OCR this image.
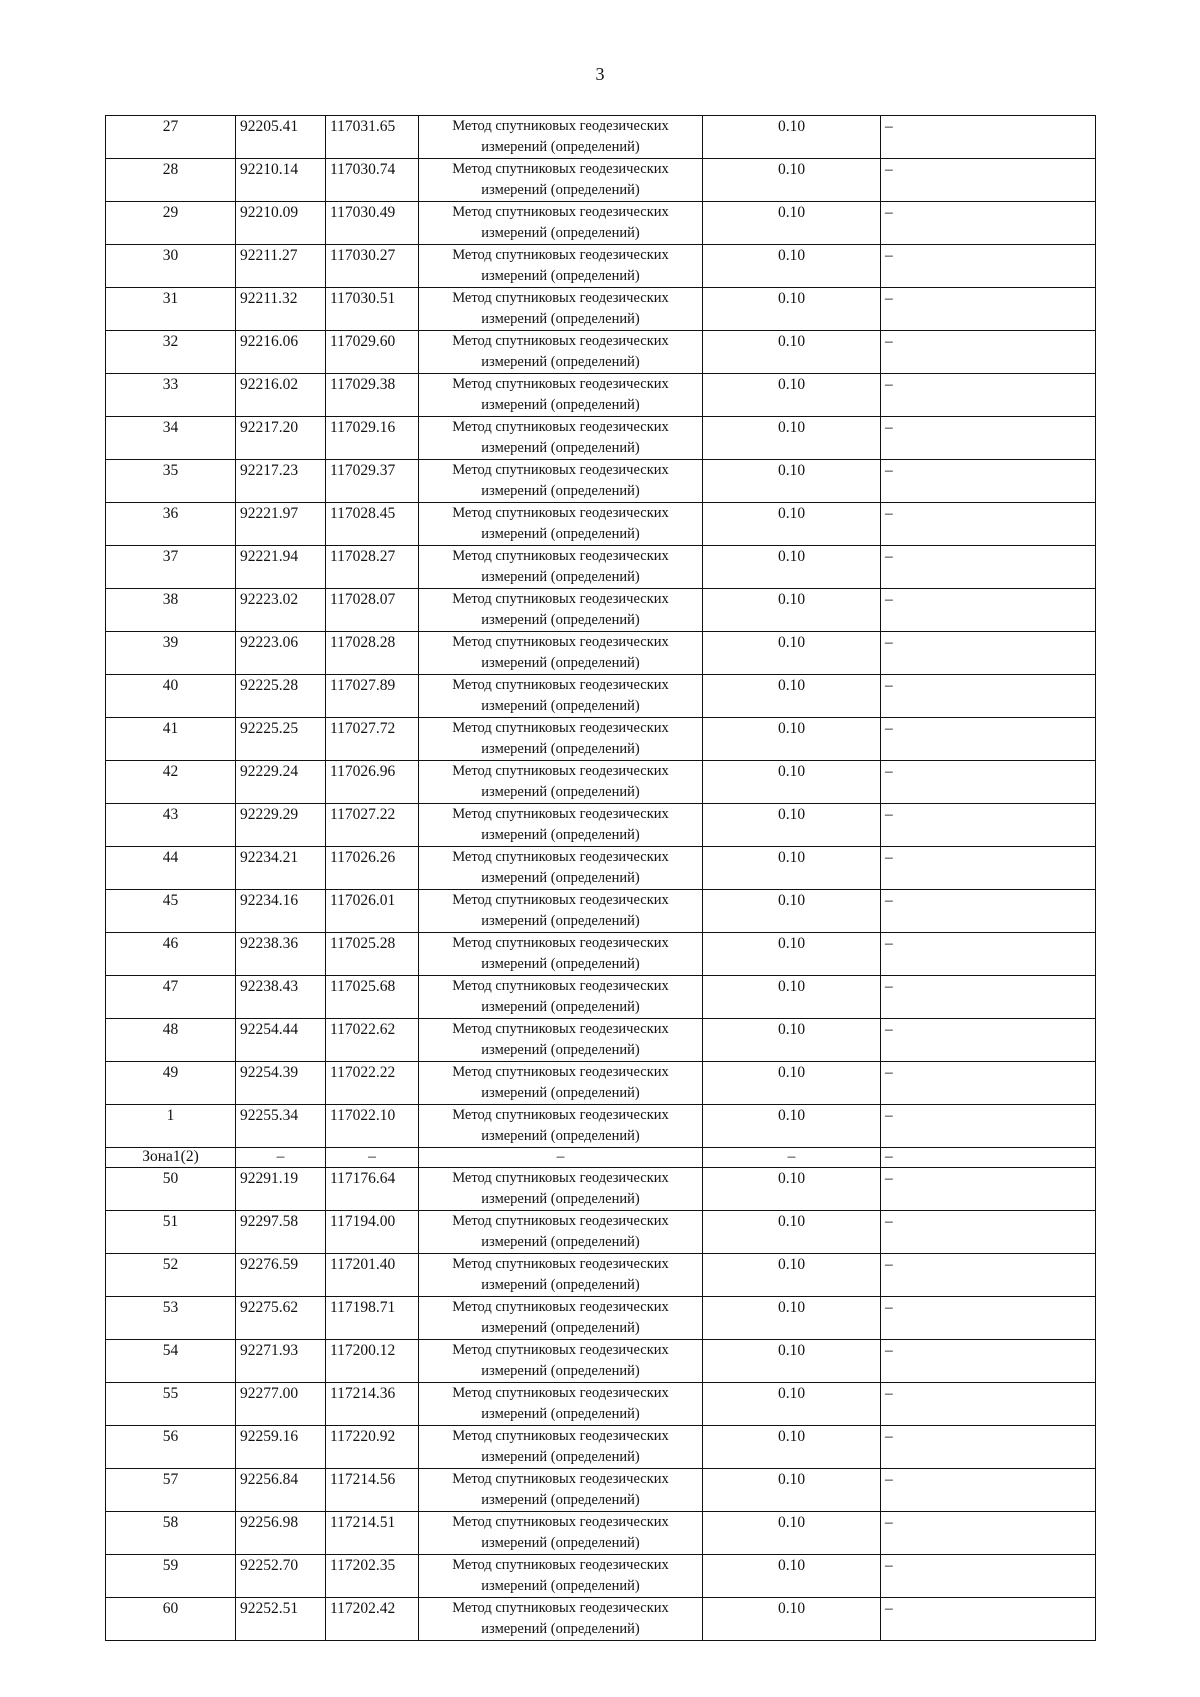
3
27	92205.41	117031.65	Метод спутниковых геодезических
измерений (определений)	0.10	–
28	92210.14	117030.74	Метод спутниковых геодезических
измерений (определений)	0.10	–
29	92210.09	117030.49	Метод спутниковых геодезических
измерений (определений)	0.10	–
30	92211.27	117030.27	Метод спутниковых геодезических
измерений (определений)	0.10	–
31	92211.32	117030.51	Метод спутниковых геодезических
измерений (определений)	0.10	–
32	92216.06	117029.60	Метод спутниковых геодезических
измерений (определений)	0.10	–
33	92216.02	117029.38	Метод спутниковых геодезических
измерений (определений)	0.10	–
34	92217.20	117029.16	Метод спутниковых геодезических
измерений (определений)	0.10	–
35	92217.23	117029.37	Метод спутниковых геодезических
измерений (определений)	0.10	–
36	92221.97	117028.45	Метод спутниковых геодезических
измерений (определений)	0.10	–
37	92221.94	117028.27	Метод спутниковых геодезических
измерений (определений)	0.10	–
38	92223.02	117028.07	Метод спутниковых геодезических
измерений (определений)	0.10	–
39	92223.06	117028.28	Метод спутниковых геодезических
измерений (определений)	0.10	–
40	92225.28	117027.89	Метод спутниковых геодезических
измерений (определений)	0.10	–
41	92225.25	117027.72	Метод спутниковых геодезических
измерений (определений)	0.10	–
42	92229.24	117026.96	Метод спутниковых геодезических
измерений (определений)	0.10	–
43	92229.29	117027.22	Метод спутниковых геодезических
измерений (определений)	0.10	–
44	92234.21	117026.26	Метод спутниковых геодезических
измерений (определений)	0.10	–
45	92234.16	117026.01	Метод спутниковых геодезических
измерений (определений)	0.10	–
46	92238.36	117025.28	Метод спутниковых геодезических
измерений (определений)	0.10	–
47	92238.43	117025.68	Метод спутниковых геодезических
измерений (определений)	0.10	–
48	92254.44	117022.62	Метод спутниковых геодезических
измерений (определений)	0.10	–
49	92254.39	117022.22	Метод спутниковых геодезических
измерений (определений)	0.10	–
1	92255.34	117022.10	Метод спутниковых геодезических
измерений (определений)	0.10	–
Зона1(2)	–	–	–	–	–
50	92291.19	117176.64	Метод спутниковых геодезических
измерений (определений)	0.10	–
51	92297.58	117194.00	Метод спутниковых геодезических
измерений (определений)	0.10	–
52	92276.59	117201.40	Метод спутниковых геодезических
измерений (определений)	0.10	–
53	92275.62	117198.71	Метод спутниковых геодезических
измерений (определений)	0.10	–
54	92271.93	117200.12	Метод спутниковых геодезических
измерений (определений)	0.10	–
55	92277.00	117214.36	Метод спутниковых геодезических
измерений (определений)	0.10	–
56	92259.16	117220.92	Метод спутниковых геодезических
измерений (определений)	0.10	–
57	92256.84	117214.56	Метод спутниковых геодезических
измерений (определений)	0.10	–
58	92256.98	117214.51	Метод спутниковых геодезических
измерений (определений)	0.10	–
59	92252.70	117202.35	Метод спутниковых геодезических
измерений (определений)	0.10	–
60	92252.51	117202.42	Метод спутниковых геодезических
измерений (определений)	0.10	–
